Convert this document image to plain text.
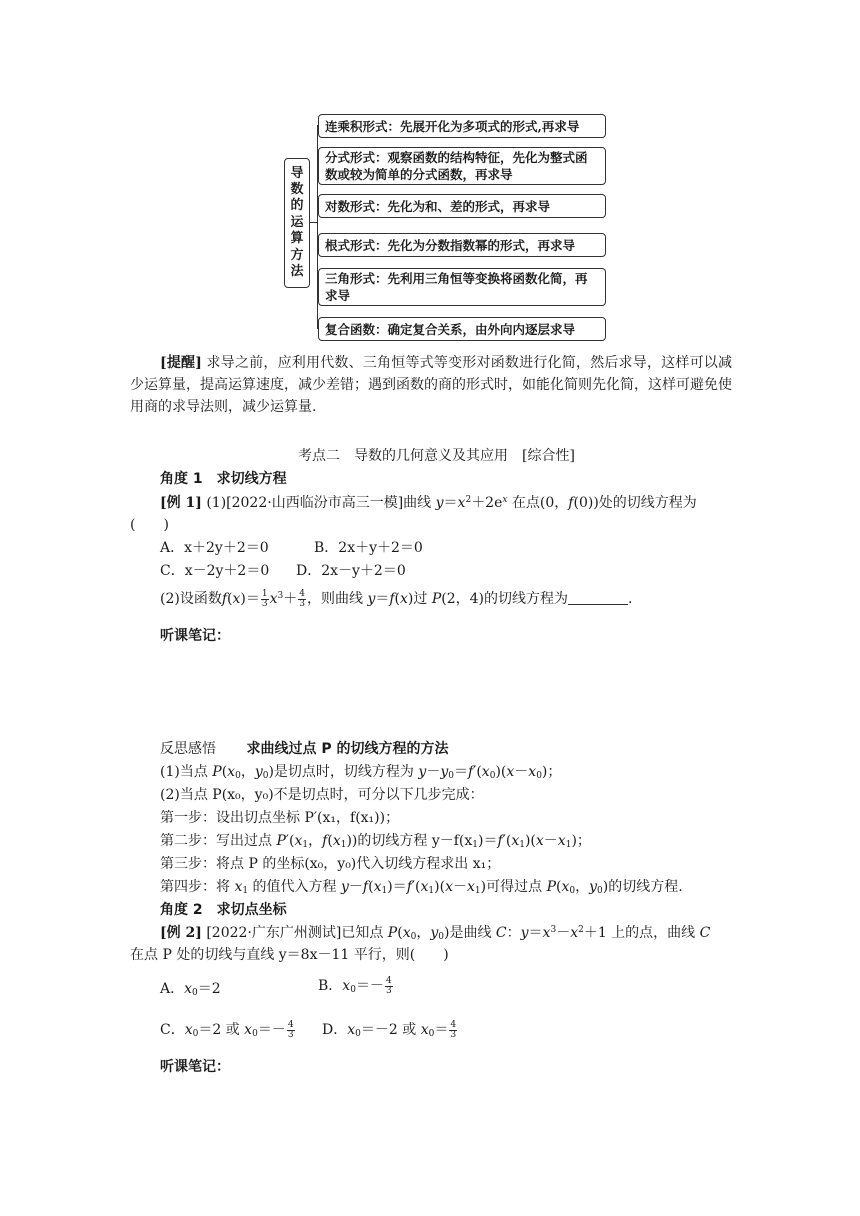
导
数
的
运
算
方
法
连乘积形式：先展开化为多项式的形式,再求导
分式形式：观察函数的结构特征，先化为整式函数或较为简单的分式函数，再求导
对数形式：先化为和、差的形式，再求导
根式形式：先化为分数指数幂的形式，再求导
三角形式：先利用三角恒等变换将函数化简，再求导
复合函数：确定复合关系，由外向内逐层求导
[提醒] 求导之前，应利用代数、三角恒等式等变形对函数进行化简，然后求导，这样可以减少运算量，提高运算速度，减少差错；遇到函数的商的形式时，如能化简则先化简，这样可避免使用商的求导法则，减少运算量.
考点二　导数的几何意义及其应用　[综合性]
角度 1　求切线方程
[例 1] (1)[2022·山西临汾市高三一模]曲线 $y=x^2+2e^x$ 在点(0，f(0))处的切线方程为
(　　)
A．x＋2y＋2＝0	B．2x＋y＋2＝0
C．x－2y＋2＝0 D．2x－y＋2＝0
(2)设函数$f(x)= \frac{1}{3} x^3+ \frac{4}{3}$ ，则曲线 y＝f(x)过 P(2，4)的切线方程为	.
听课笔记：
反思感悟 求曲线过点 P 的切线方程的方法
(1)当点 $P(x_0$，$y_0$)是切点时，切线方程为 $y-y_0=f'(x_0)(x-x_0)$；
(2)当点 P(x₀，y₀)不是切点时，可分以下几步完成：
第一步：设出切点坐标 P′(x₁，f(x₁))；
第二步：写出过点 $P'(x_1$，$f(x_1)$)的切线方程 $y-f(x_1)=f'(x_1)(x-x_1)$；
第三步：将点 P 的坐标(x₀，y₀)代入切线方程求出 x₁；
第四步：将 $x_1$ 的值代入方程 $y-f(x_1)=f'(x_1)(x-x_1)$可得过点 $P(x_0$，$y_0$)的切线方程.
角度 2　求切点坐标
[例 2] [2022·广东广州测试]已知点 $P(x_0$，$y_0$)是曲线 C：$y=x^3-x^2+1$ 上的点，曲线 C
在点 P 处的切线与直线 y＝8x－11 平行，则(　　)
A．$x_0=2$	B．$x_0=- \frac{4}{3}$
C．$x_0=2$ 或 $x_0=- \frac{4}{3}$ D．$x_0=-2$ 或 $x_0= \frac{4}{3}$
听课笔记：
